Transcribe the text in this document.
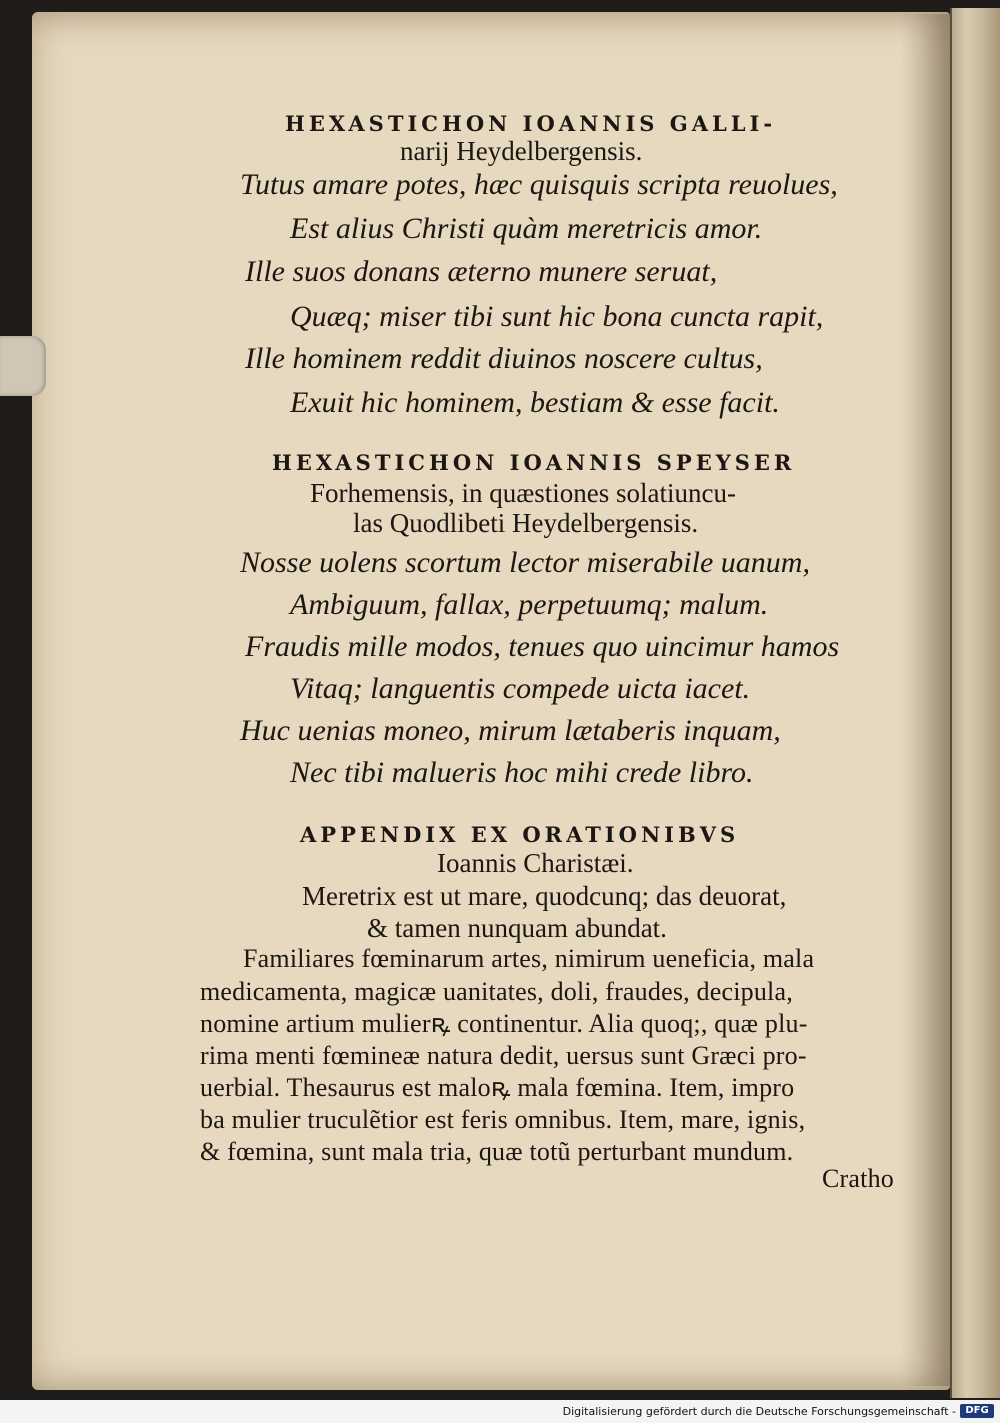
HEXASTICHON IOANNIS GALLI-
narij Heydelbergensis.
Tutus amare potes, hæc quisquis scripta reuolues,
Est alius Christi quàm meretricis amor.
Ille suos donans æterno munere seruat,
Quæq; miser tibi sunt hic bona cuncta rapit,
Ille hominem reddit diuinos noscere cultus,
Exuit hic hominem, bestiam & esse facit.
HEXASTICHON IOANNIS SPEYSER
Forhemensis, in quæstiones solatiuncu-
las Quodlibeti Heydelbergensis.
Nosse uolens scortum lector miserabile uanum,
Ambiguum, fallax, perpetuumq; malum.
Fraudis mille modos, tenues quo uincimur hamos
Vitaq; languentis compede uicta iacet.
Huc uenias moneo, mirum lætaberis inquam,
Nec tibi malueris hoc mihi crede libro.
APPENDIX EX ORATIONIBVS
Ioannis Charistæi.
Meretrix est ut mare, quodcunq; das deuorat,
& tamen nunquam abundat.
Familiares fœminarum artes, nimirum ueneficia, mala
medicamenta, magicæ uanitates, doli, fraudes, decipula,
nomine artium mulierꝶ continentur. Alia quoq;, quæ plu-
rima menti fœmineæ natura dedit, uersus sunt Græci pro-
uerbial. Thesaurus est maloꝶ mala fœmina. Item, impro
ba mulier truculẽtior est feris omnibus. Item, mare, ignis,
& fœmina, sunt mala tria, quæ totũ perturbant mundum.
Cratho
Digitalisierung gefördert durch die Deutsche Forschungsgemeinschaft - DFG
